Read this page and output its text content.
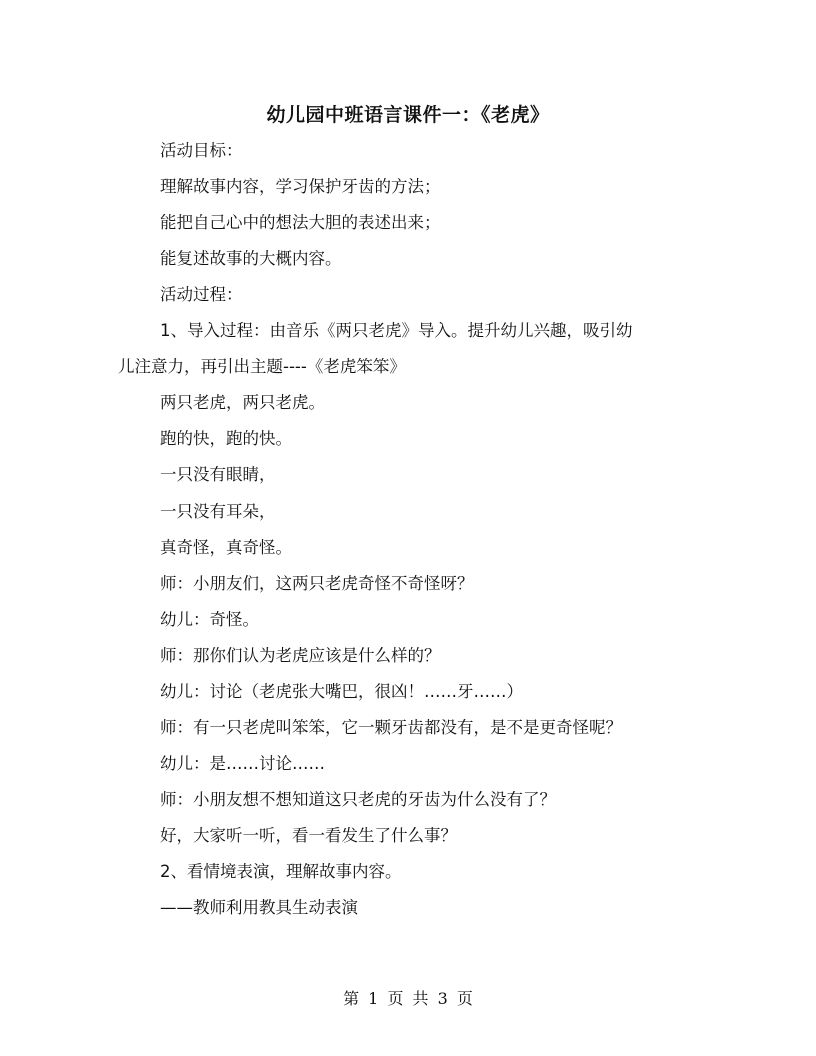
幼儿园中班语言课件一：《老虎》
活动目标：
理解故事内容，学习保护牙齿的方法；
能把自己心中的想法大胆的表述出来；
能复述故事的大概内容。
活动过程：
1、导入过程：由音乐《两只老虎》导入。提升幼儿兴趣，吸引幼
儿注意力，再引出主题----《老虎笨笨》
两只老虎，两只老虎。
跑的快，跑的快。
一只没有眼睛，
一只没有耳朵，
真奇怪，真奇怪。
师：小朋友们，这两只老虎奇怪不奇怪呀？
幼儿：奇怪。
师：那你们认为老虎应该是什么样的？
幼儿：讨论（老虎张大嘴巴，很凶！……牙……）
师：有一只老虎叫笨笨，它一颗牙齿都没有，是不是更奇怪呢？
幼儿：是……讨论……
师：小朋友想不想知道这只老虎的牙齿为什么没有了？
好，大家听一听，看一看发生了什么事？
2、看情境表演，理解故事内容。
——教师利用教具生动表演
第 1 页 共 3 页
